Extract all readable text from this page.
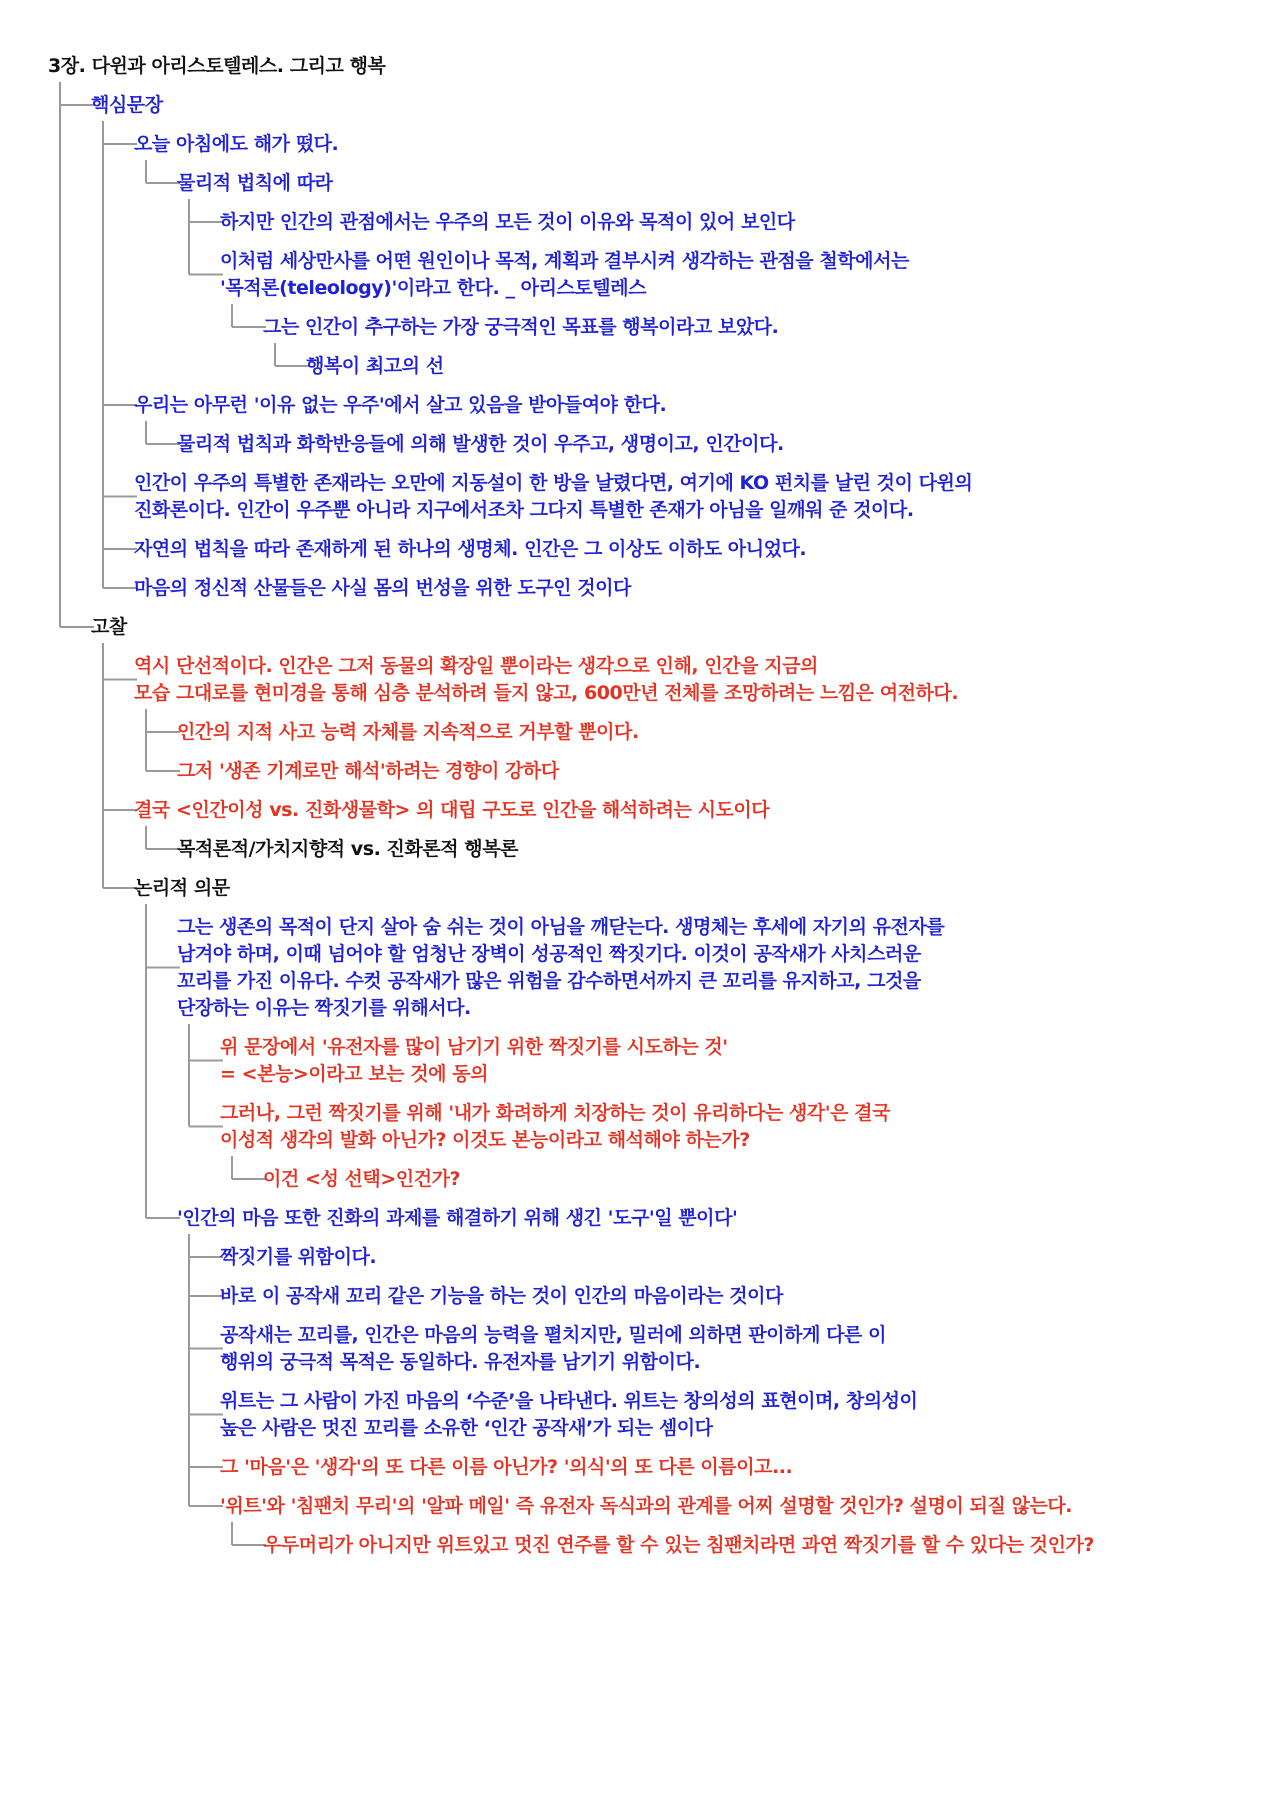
3장. 다윈과 아리스토텔레스. 그리고 행복
핵심문장
오늘 아침에도 해가 떴다.
물리적 법칙에 따라
하지만 인간의 관점에서는 우주의 모든 것이 이유와 목적이 있어 보인다
이처럼 세상만사를 어떤 원인이나 목적, 계획과 결부시켜 생각하는 관점을 철학에서는
'목적론(teleology)'이라고 한다. _ 아리스토텔레스
그는 인간이 추구하는 가장 궁극적인 목표를 행복이라고 보았다.
행복이 최고의 선
우리는 아무런 '이유 없는 우주'에서 살고 있음을 받아들여야 한다.
물리적 법칙과 화학반응들에 의해 발생한 것이 우주고, 생명이고, 인간이다.
인간이 우주의 특별한 존재라는 오만에 지동설이 한 방을 날렸다면, 여기에 KO 펀치를 날린 것이 다윈의
진화론이다. 인간이 우주뿐 아니라 지구에서조차 그다지 특별한 존재가 아님을 일깨워 준 것이다.
자연의 법칙을 따라 존재하게 된 하나의 생명체. 인간은 그 이상도 이하도 아니었다.
마음의 정신적 산물들은 사실 몸의 번성을 위한 도구인 것이다
고찰
역시 단선적이다. 인간은 그저 동물의 확장일 뿐이라는 생각으로 인해, 인간을 지금의
모습 그대로를 현미경을 통해 심층 분석하려 들지 않고, 600만년 전체를 조망하려는 느낌은 여전하다.
인간의 지적 사고 능력 자체를 지속적으로 거부할 뿐이다.
그저 '생존 기계로만 해석'하려는 경향이 강하다
결국 <인간이성 vs. 진화생물학> 의 대립 구도로 인간을 해석하려는 시도이다
목적론적/가치지향적 vs. 진화론적 행복론
논리적 의문
그는 생존의 목적이 단지 살아 숨 쉬는 것이 아님을 깨닫는다. 생명체는 후세에 자기의 유전자를
남겨야 하며, 이때 넘어야 할 엄청난 장벽이 성공적인 짝짓기다. 이것이 공작새가 사치스러운
꼬리를 가진 이유다. 수컷 공작새가 많은 위험을 감수하면서까지 큰 꼬리를 유지하고, 그것을
단장하는 이유는 짝짓기를 위해서다.
위 문장에서 '유전자를 많이 남기기 위한 짝짓기를 시도하는 것'
= <본능>이라고 보는 것에 동의
그러나, 그런 짝짓기를 위해 '내가 화려하게 치장하는 것이 유리하다는 생각'은 결국
이성적 생각의 발화 아닌가? 이것도 본능이라고 해석해야 하는가?
이건 <성 선택>인건가?
'인간의 마음 또한 진화의 과제를 해결하기 위해 생긴 '도구'일 뿐이다'
짝짓기를 위함이다.
바로 이 공작새 꼬리 같은 기능을 하는 것이 인간의 마음이라는 것이다
공작새는 꼬리를, 인간은 마음의 능력을 펼치지만, 밀러에 의하면 판이하게 다른 이
행위의 궁극적 목적은 동일하다. 유전자를 남기기 위함이다.
위트는 그 사람이 가진 마음의 ‘수준’을 나타낸다. 위트는 창의성의 표현이며, 창의성이
높은 사람은 멋진 꼬리를 소유한 ‘인간 공작새’가 되는 셈이다
그 '마음'은 '생각'의 또 다른 이름 아닌가? '의식'의 또 다른 이름이고...
'위트'와 '침팬치 무리'의 '알파 메일' 즉 유전자 독식과의 관계를 어찌 설명할 것인가? 설명이 되질 않는다.
우두머리가 아니지만 위트있고 멋진 연주를 할 수 있는 침팬치라면 과연 짝짓기를 할 수 있다는 것인가?
